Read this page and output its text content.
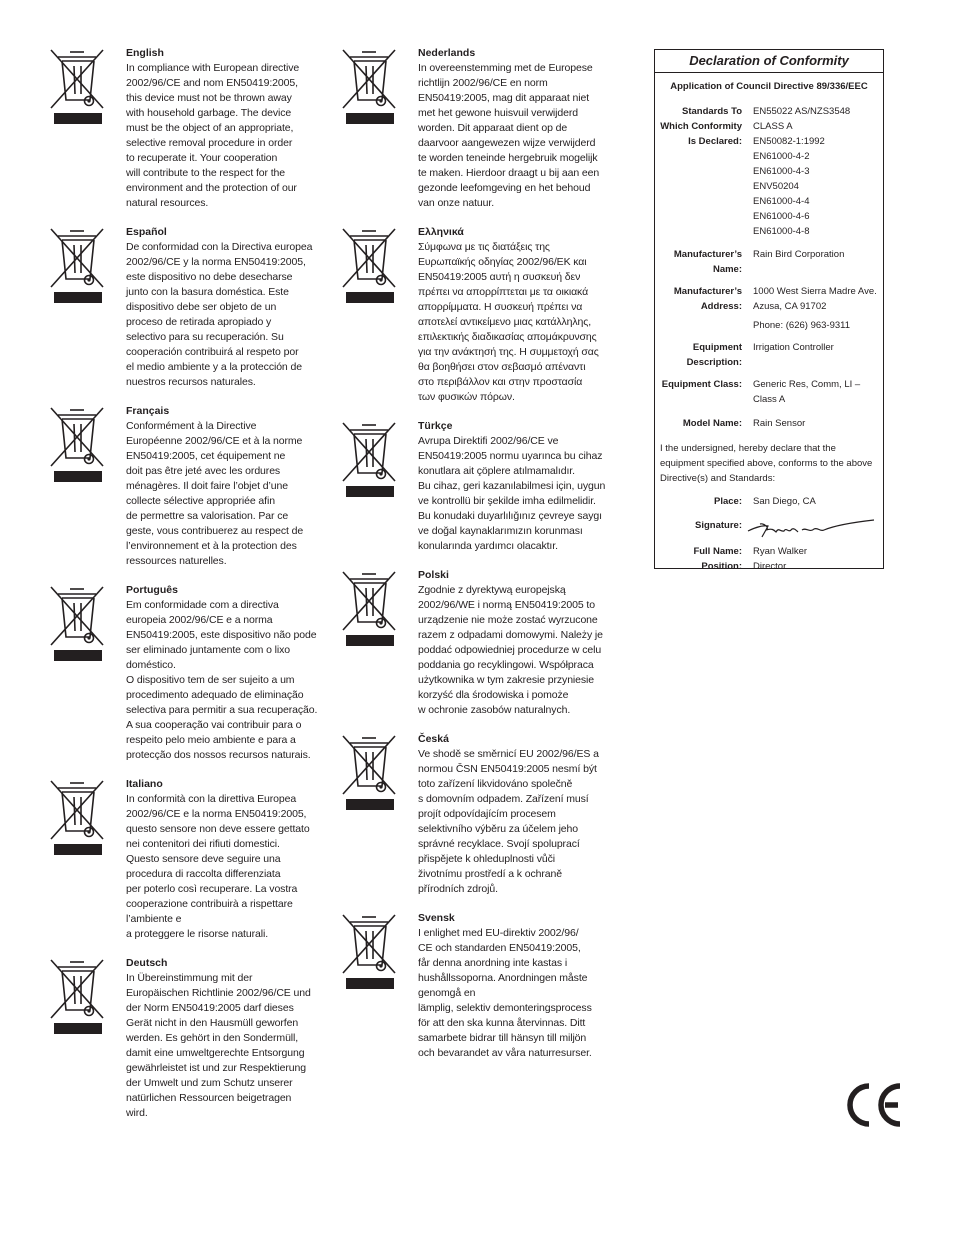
English
In compliance with European directive
2002/96/CE and nom EN50419:2005,
this device must not be thrown away
with household garbage. The device
must be the object of an appropriate,
selective removal procedure in order
to recuperate it. Your cooperation
will contribute to the respect for the
environment and the protection of our
natural resources.
Español
De conformidad con la Directiva europea
2002/96/CE y la norma EN50419:2005,
este dispositivo no debe desecharse
junto con la basura doméstica. Este
dispositivo debe ser objeto de un
proceso de retirada apropiado y
selectivo para su recuperación. Su
cooperación contribuirá al respeto por
el medio ambiente y a la protección de
nuestros recursos naturales.
Français
Conformément à la Directive
Européenne 2002/96/CE et à la norme
EN50419:2005, cet équipement ne
doit pas être jeté avec les ordures
ménagères. Il doit faire l’objet d’une
collecte sélective appropriée afin
de permettre sa valorisation. Par ce
geste, vous contribuerez au respect de
l’environnement et à la protection des
ressources naturelles.
Português
Em conformidade com a directiva
europeia 2002/96/CE e a norma
EN50419:2005, este dispositivo não pode
ser eliminado juntamente com o lixo
doméstico.
O dispositivo tem de ser sujeito a um
procedimento adequado de eliminação
selectiva para permitir a sua recuperação.
A sua cooperação vai contribuir para o
respeito pelo meio ambiente e para a
protecção dos nossos recursos naturais.
Italiano
In conformità con la direttiva Europea
2002/96/CE e la norma EN50419:2005,
questo sensore non deve essere gettato
nei contenitori dei rifiuti domestici.
Questo sensore deve seguire una
procedura di raccolta differenziata
per poterlo così recuperare. La vostra
cooperazione contribuirà a rispettare
l’ambiente e
a proteggere le risorse naturali.
Deutsch
In Übereinstimmung mit der
Europäischen Richtlinie 2002/96/CE und
der Norm EN50419:2005 darf dieses
Gerät nicht in den Hausmüll geworfen
werden. Es gehört in den Sondermüll,
damit eine umweltgerechte Entsorgung
gewährleistet ist und zur Respektierung
der Umwelt und zum Schutz unserer
natürlichen Ressourcen beigetragen
wird.
Nederlands
In overeenstemming met de Europese
richtlijn 2002/96/CE en norm
EN50419:2005, mag dit apparaat niet
met het gewone huisvuil verwijderd
worden. Dit apparaat dient op de
daarvoor aangewezen wijze verwijderd
te worden teneinde hergebruik mogelijk
te maken. Hierdoor draagt u bij aan een
gezonde leefomgeving en het behoud
van onze natuur.
Ελληνικά
Σύμφωνα με τις διατάξεις της
Ευρωπαϊκής οδηγίας 2002/96/ΕΚ και
EN50419:2005 αυτή η συσκευή δεν
πρέπει να απορρίπτεται με τα οικιακά
απορρίμματα. Η συσκευή πρέπει να
αποτελεί αντικείμενο μιας κατάλληλης,
επιλεκτικής διαδικασίας απομάκρυνσης
για την ανάκτησή της. Η συμμετοχή σας
θα βοηθήσει στον σεβασμό απέναντι
στο περιβάλλον και στην προστασία
των φυσικών πόρων.
Türkçe
Avrupa Direktifi 2002/96/CE ve
EN50419:2005 normu uyarınca bu cihaz
konutlara ait çöplere atılmamalıdır.
Bu cihaz, geri kazanılabilmesi için, uygun
ve kontrollü bir şekilde imha edilmelidir.
Bu konudaki duyarlılığınız çevreye saygı
ve doğal kaynaklarımızın korunması
konularında yardımcı olacaktır.
Polski
Zgodnie z dyrektywą europejską
2002/96/WE i normą EN50419:2005 to
urządzenie nie może zostać wyrzucone
razem z odpadami domowymi. Należy je
poddać odpowiedniej procedurze w celu
poddania go recyklingowi. Współpraca
użytkownika w tym zakresie przyniesie
korzyść dla środowiska i pomoże
w ochronie zasobów naturalnych.
Česká
Ve shodě se směrnicí EU 2002/96/ES a
normou ČSN EN50419:2005 nesmí být
toto zařízení likvidováno společně
s domovním odpadem. Zařízení musí
projít odpovídajícím procesem
selektivního výběru za účelem jeho
správné recyklace. Svojí spoluprací
přispějete k ohleduplnosti vůči
životnímu prostředí a k ochraně
přírodních zdrojů.
Svensk
I enlighet med EU-direktiv 2002/96/
CE och standarden EN50419:2005,
får denna anordning inte kastas i
hushållssoporna. Anordningen måste
genomgå en
lämplig, selektiv demonteringsprocess
för att den ska kunna återvinnas. Ditt
samarbete bidrar till hänsyn till miljön
och bevarandet av våra naturresurser.
Declaration of Conformity
Application of Council Directive 89/336/EEC
Standards To
Which Conformity
Is Declared:
EN55022 AS/NZS3548
CLASS A
EN50082-1:1992
EN61000-4-2
EN61000-4-3
ENV50204
EN61000-4-4
EN61000-4-6
EN61000-4-8
Manufacturer’s
Name:
Rain Bird Corporation
Manufacturer’s
Address:
1000 West Sierra Madre Ave.
Azusa, CA 91702
Phone: (626) 963-9311
Equipment
Description:
Irrigation Controller
Equipment Class:	Generic Res, Comm, LI – Class A
Model Name:	Rain Sensor
I the undersigned, hereby declare that the equipment specified above, conforms to the above Directive(s) and Standards:
Place:	San Diego, CA
Signature:
Full Name:	Ryan Walker
Position:	Director
